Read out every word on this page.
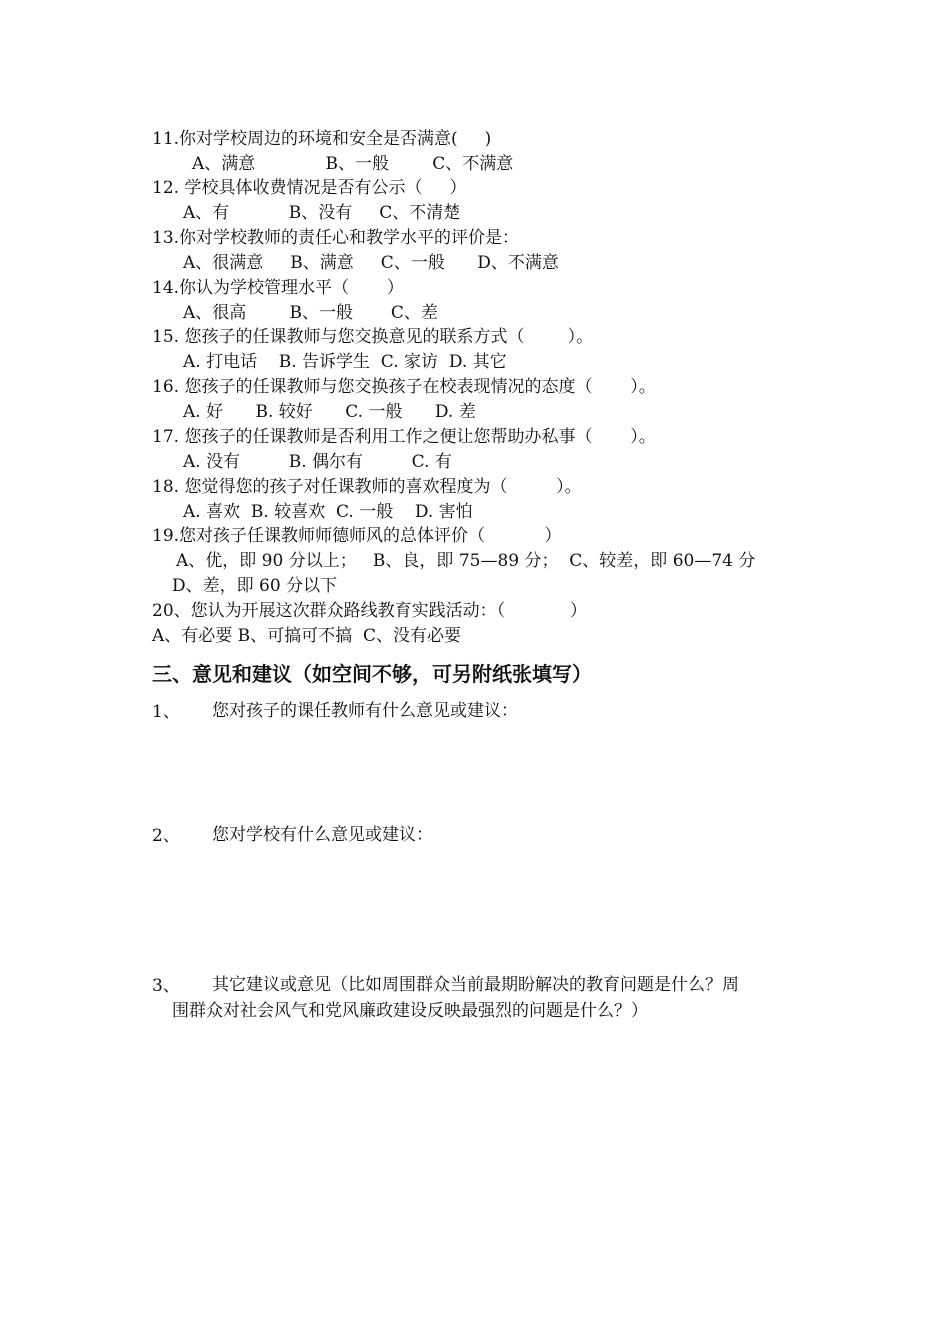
11.你对学校周边的环境和安全是否满意(     )
A、满意             B、一般        C、不满意
12. 学校具体收费情况是否有公示（     ）
A、有           B、没有     C、不清楚
13.你对学校教师的责任心和教学水平的评价是：
A、很满意     B、满意     C、一般      D、不满意
14.你认为学校管理水平（       ）
A、很高        B、一般       C、差
15. 您孩子的任课教师与您交换意见的联系方式（        ）。
A. 打电话    B. 告诉学生  C. 家访  D. 其它
16. 您孩子的任课教师与您交换孩子在校表现情况的态度（       ）。
A. 好      B. 较好      C. 一般      D. 差
17. 您孩子的任课教师是否利用工作之便让您帮助办私事（       ）。
A. 没有         B. 偶尔有         C. 有
18. 您觉得您的孩子对任课教师的喜欢程度为（         ）。
A. 喜欢  B. 较喜欢  C. 一般    D. 害怕
19.您对孩子任课教师师德师风的总体评价（           ）
A、优，即 90 分以上；   B、良，即 75—89 分；  C、较差，即 60—74 分
D、差，即 60 分以下
20、您认为开展这次群众路线教育实践活动：（            ）
A、有必要 B、可搞可不搞  C、没有必要
三、意见和建议（如空间不够，可另附纸张填写）
1、 您对孩子的课任教师有什么意见或建议：
2、 您对学校有什么意见或建议：
3、 其它建议或意见（比如周围群众当前最期盼解决的教育问题是什么？周
围群众对社会风气和党风廉政建设反映最强烈的问题是什么？）
